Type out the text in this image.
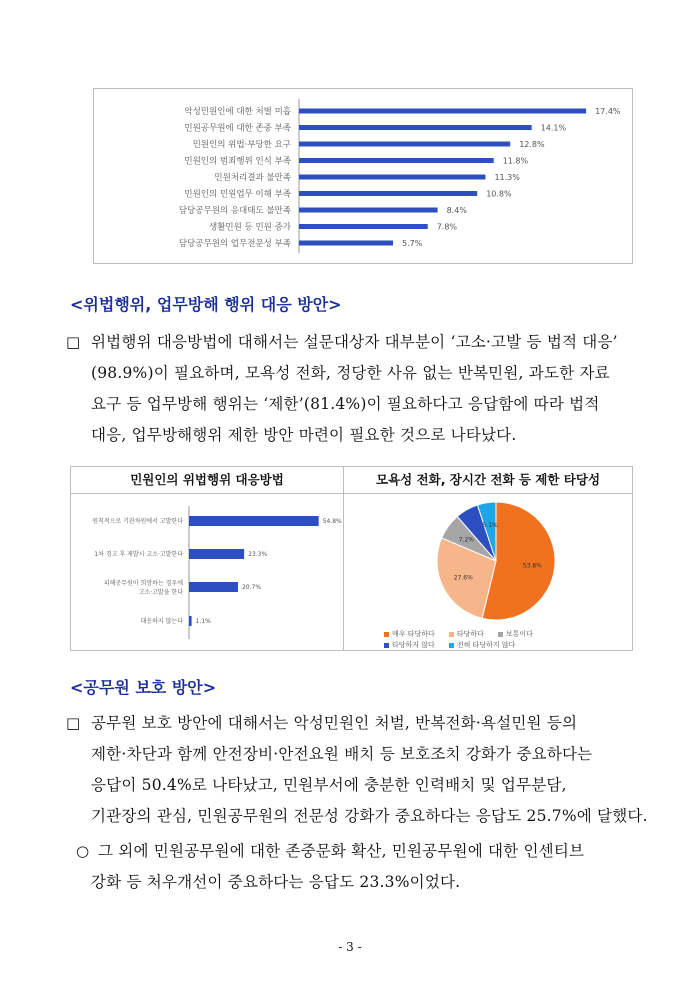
악성민원인에 대한 처벌 미흡	17.4%
민원공무원에 대한 존중 부족	14.1%
민원인의 위법·부당한 요구	12.8%
민원인의 범죄행위 인식 부족	11.8%
민원처리결과 불만족	11.3%
민원인의 민원업무 이해 부족	10.8%
담당공무원의 응대태도 불만족	8.4%
생활민원 등 민원 증가	7.8%
담당공무원의 업무전문성 부족	5.7%
<위법행위, 업무방해 행위 대응 방안>
□ 위법행위 대응방법에 대해서는 설문대상자 대부분이 ‘고소·고발 등 법적 대응’
(98.9%)이 필요하며, 모욕성 전화, 정당한 사유 없는 반복민원, 과도한 자료
요구 등 업무방해 행위는 ‘제한’(81.4%)이 필요하다고 응답함에 따라 법적
대응, 업무방해행위 제한 방안 마련이 필요한 것으로 나타났다.
민원인의 위법행위 대응방법
원칙적으로 기관차원에서 고발한다	54.8%
1차 경고 후 재발시 고소·고발한다	23.3%
피해공무원이 희망하는 경우에 고소·고발을 한다
20.7%
대응하지 않는다 1.1%
모욕성 전화, 장시간 전화 등 제한 타당성
53.8%
27.6%
7.2%
5.1%
매우 타당하다	타당하다	보통이다
타당하지 않다	전혀 타당하지 않다
<공무원 보호 방안>
□ 공무원 보호 방안에 대해서는 악성민원인 처벌, 반복전화·욕설민원 등의
제한·차단과 함께 안전장비·안전요원 배치 등 보호조치 강화가 중요하다는
응답이 50.4%로 나타났고, 민원부서에 충분한 인력배치 및 업무분담,
기관장의 관심, 민원공무원의 전문성 강화가 중요하다는 응답도 25.7%에 달했다.
○ 그 외에 민원공무원에 대한 존중문화 확산, 민원공무원에 대한 인센티브
강화 등 처우개선이 중요하다는 응답도 23.3%이었다.
- 3 -
